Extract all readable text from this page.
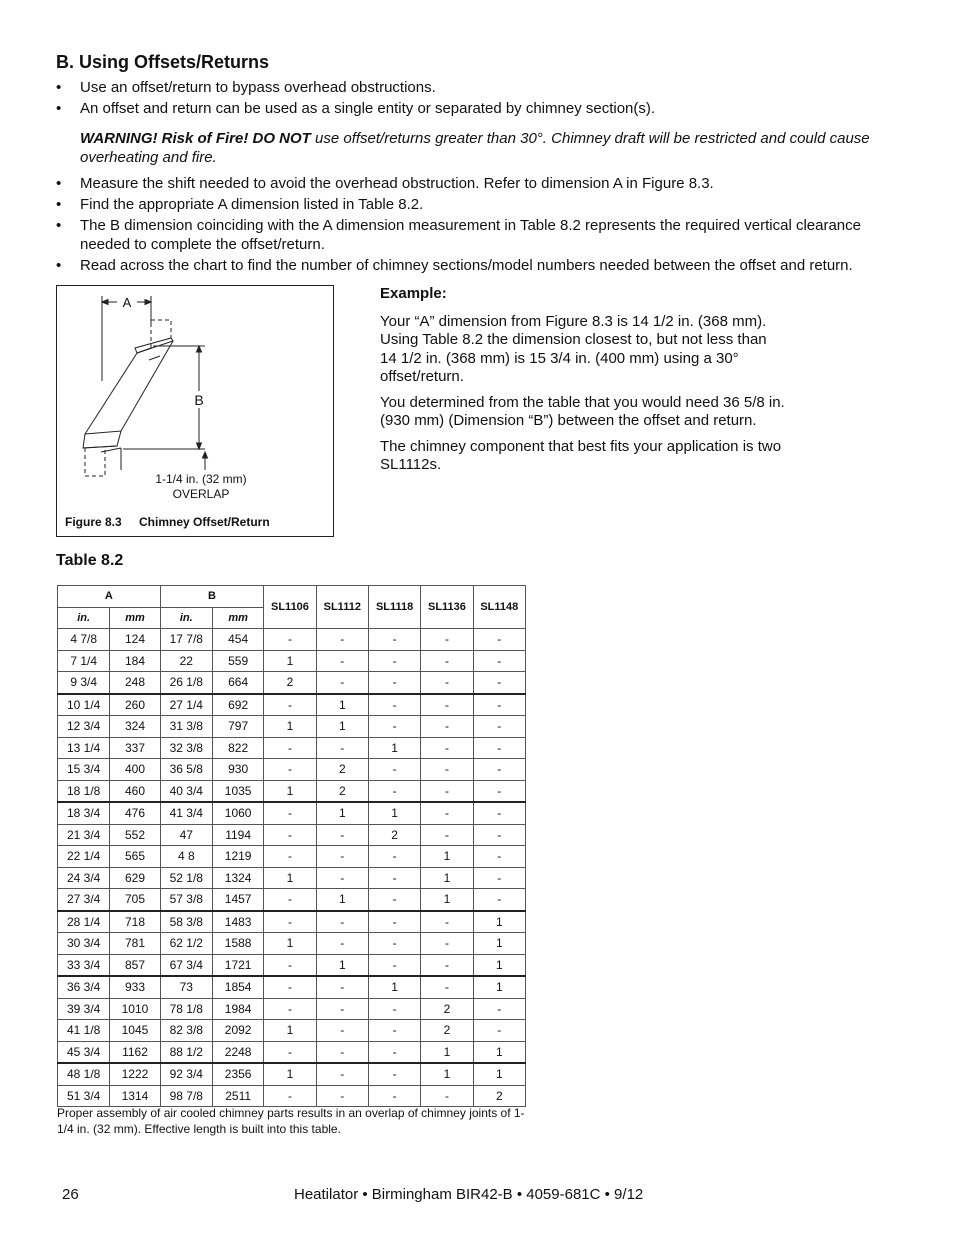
B. Using Offsets/Returns
• Use an offset/return to bypass overhead obstructions.
• An offset and return can be used as a single entity or separated by chimney section(s).

WARNING! Risk of Fire! DO NOT use offset/returns greater than 30°. Chimney draft will be restricted and could cause overheating and fire.

• Measure the shift needed to avoid the overhead obstruction. Refer to dimension A in Figure 8.3.
• Find the appropriate A dimension listed in Table 8.2.
• The B dimension coinciding with the A dimension measurement in Table 8.2 represents the required vertical clearance needed to complete the offset/return.
• Read across the chart to find the number of chimney sections/model numbers needed between the offset and return.
A
B
1-1/4 in. (32 mm)
OVERLAP
Figure 8.3 Chimney Offset/Return

Example:

Your “A” dimension from Figure 8.3 is 14 1/2 in. (368 mm). Using Table 8.2 the dimension closest to, but not less than 14 1/2 in. (368 mm) is 15 3/4 in. (400 mm) using a 30° offset/return.

You determined from the table that you would need 36 5/8 in. (930 mm) (Dimension “B”) between the offset and return.

The chimney component that best fits your application is two SL1112s.

Table 8.2
A		B		SL1106	SL1112	SL1118	SL1136	SL1148
in.	mm	in.	mm					
4 7/8	124	17 7/8	454	-	-	-	-	-
7 1/4	184	22	559	1	-	-	-	-
9 3/4	248	26 1/8	664	2	-	-	-	-
10 1/4	260	27 1/4	692	-	1	-	-	-
12 3/4	324	31 3/8	797	1	1	-	-	-
13 1/4	337	32 3/8	822	-	-	1	-	-
15 3/4	400	36 5/8	930	-	2	-	-	-
18 1/8	460	40 3/4	1035	1	2	-	-	-
18 3/4	476	41 3/4	1060	-	1	1	-	-
21 3/4	552	47	1194	-	-	2	-	-
22 1/4	565	4 8	1219	-	-	-	1	-
24 3/4	629	52 1/8	1324	1	-	-	1	-
27 3/4	705	57 3/8	1457	-	1	-	1	-
28 1/4	718	58 3/8	1483	-	-	-	-	1
30 3/4	781	62 1/2	1588	1	-	-	-	1
33 3/4	857	67 3/4	1721	-	1	-	-	1
36 3/4	933	73	1854	-	-	1	-	1
39 3/4	1010	78 1/8	1984	-	-	-	2	-
41 1/8	1045	82 3/8	2092	1	-	-	2	-
45 3/4	1162	88 1/2	2248	-	-	-	1	1
48 1/8	1222	92 3/4	2356	1	-	-	1	1
51 3/4	1314	98 7/8	2511	-	-	-	-	2
Proper assembly of air cooled chimney parts results in an overlap of chimney joints of 1-1/4 in. (32 mm). Effective length is built into this table.
26	Heatilator • Birmingham BIR42-B • 4059-681C • 9/12
